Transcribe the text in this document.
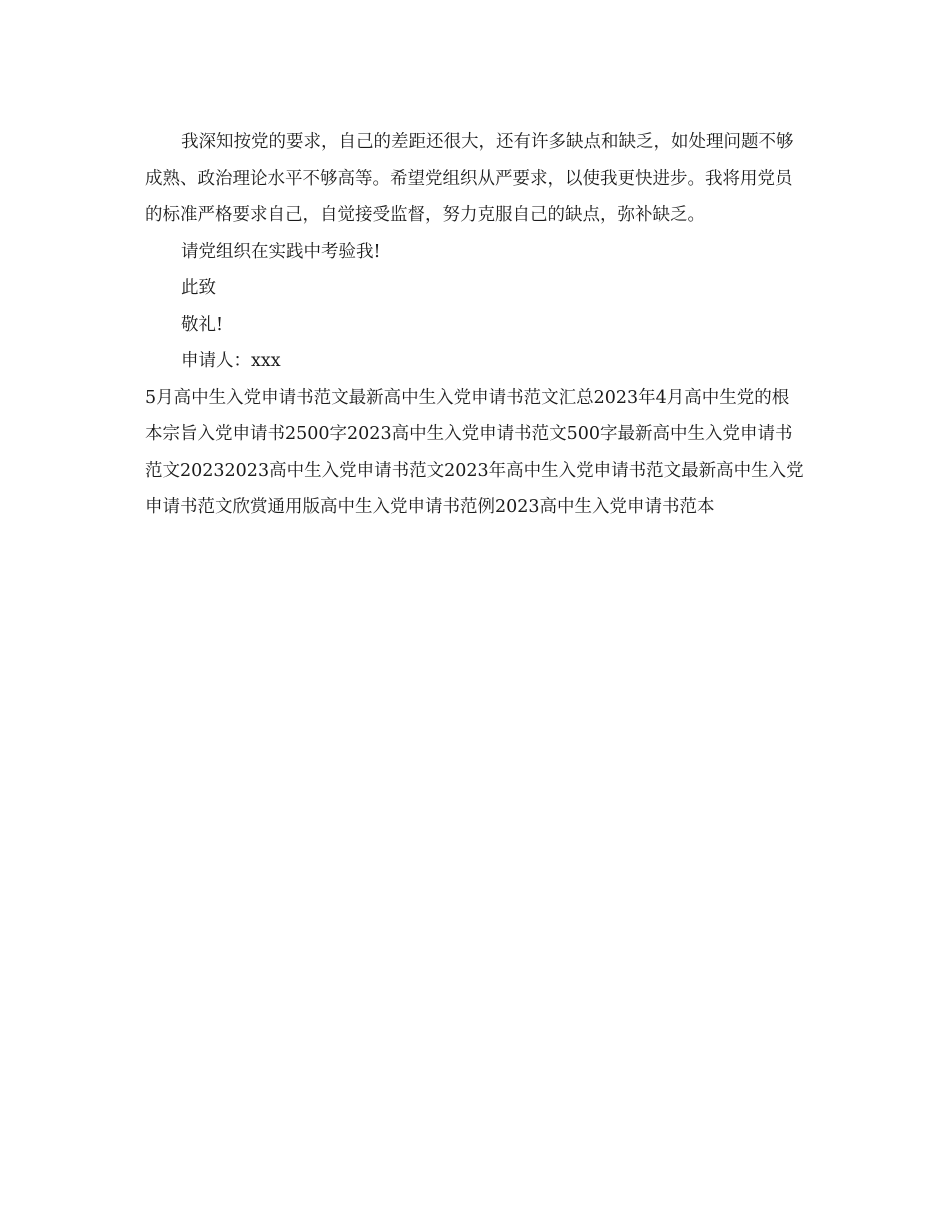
我深知按党的要求，自己的差距还很大，还有许多缺点和缺乏，如处理问题不够成熟、政治理论水平不够高等。希望党组织从严要求，以使我更快进步。我将用党员的标准严格要求自己，自觉接受监督，努力克服自己的缺点，弥补缺乏。

请党组织在实践中考验我!

此致

敬礼!

申请人：xxx

5月高中生入党申请书范文最新高中生入党申请书范文汇总2023年4月高中生党的根本宗旨入党申请书2500字2023高中生入党申请书范文500字最新高中生入党申请书范文20232023高中生入党申请书范文2023年高中生入党申请书范文最新高中生入党申请书范文欣赏通用版高中生入党申请书范例2023高中生入党申请书范本
